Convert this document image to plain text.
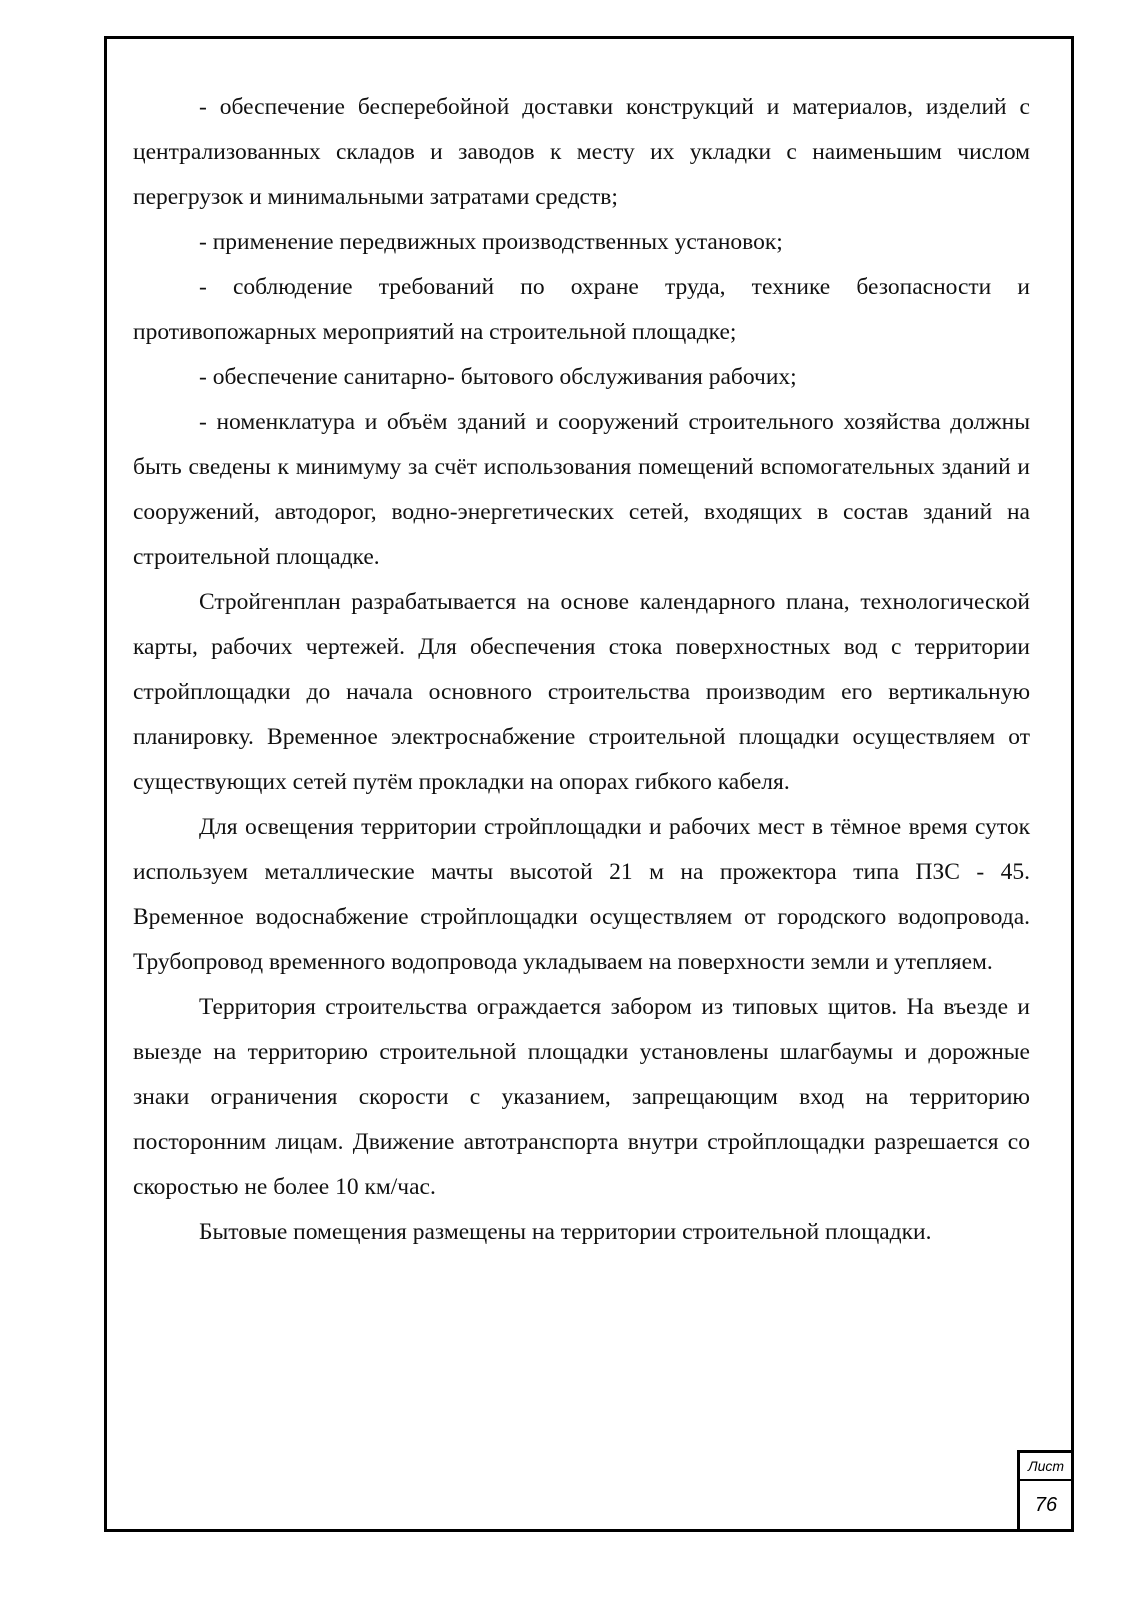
- обеспечение бесперебойной доставки конструкций и материалов, изделий с централизованных складов и заводов к месту их укладки с наименьшим числом перегрузок и минимальными затратами средств;

- применение передвижных производственных установок;

- соблюдение требований по охране труда, технике безопасности и противопожарных мероприятий на строительной площадке;

- обеспечение санитарно- бытового обслуживания рабочих;

- номенклатура и объём зданий и сооружений строительного хозяйства должны быть сведены к минимуму за счёт использования помещений вспомогательных зданий и сооружений, автодорог, водно-энергетических сетей, входящих в состав зданий на строительной площадке.

Стройгенплан разрабатывается на основе календарного плана, технологической карты, рабочих чертежей. Для обеспечения стока поверхностных вод с территории стройплощадки до начала основного строительства производим его вертикальную планировку. Временное электроснабжение строительной площадки осуществляем от существующих сетей путём прокладки на опорах гибкого кабеля.

Для освещения территории стройплощадки и рабочих мест в тёмное время суток используем металлические мачты высотой 21 м на прожектора типа ПЗС - 45. Временное водоснабжение стройплощадки осуществляем от городского водопровода. Трубопровод временного водопровода укладываем на поверхности земли и утепляем.

Территория строительства ограждается забором из типовых щитов. На въезде и выезде на территорию строительной площадки установлены шлагбаумы и дорожные знаки ограничения скорости с указанием, запрещающим вход на территорию посторонним лицам. Движение автотранспорта внутри стройплощадки разрешается со скоростью не более 10 км/час.

Бытовые помещения размещены на территории строительной площадки.

Лист
76
